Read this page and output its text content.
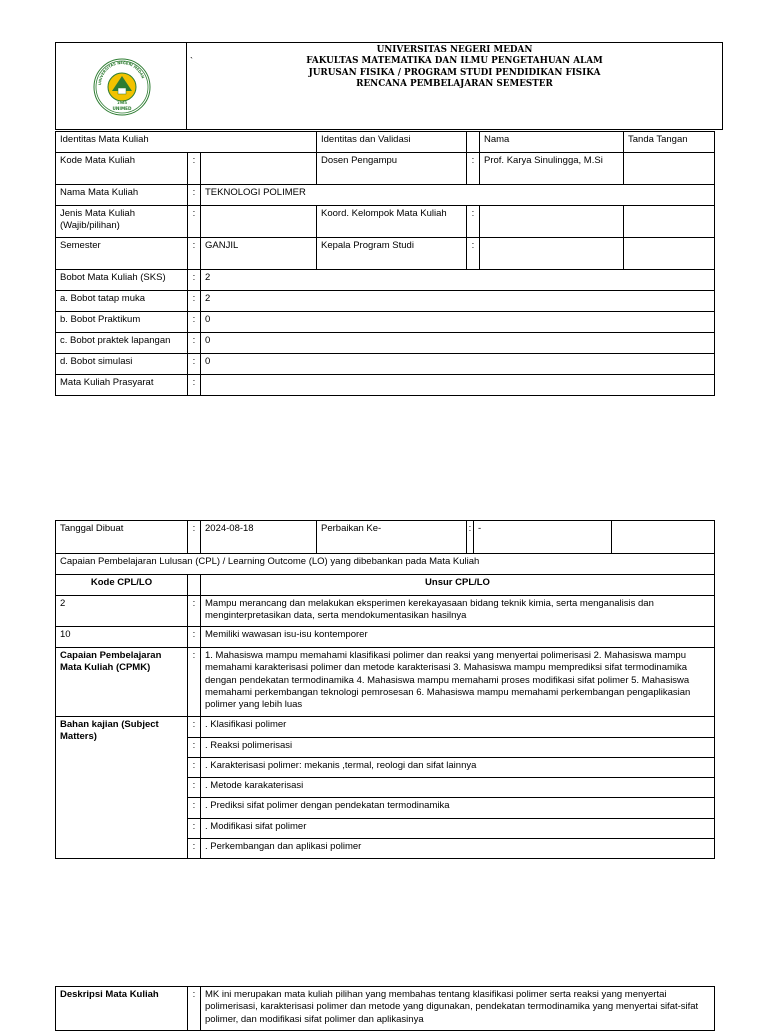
UNIVERSITAS NEGERI MEDAN
1963
UNIMED

UNIVERSITAS NEGERI MEDAN
FAKULTAS MATEMATIKA DAN ILMU PENGETAHUAN ALAM
JURUSAN FISIKA / PROGRAM STUDI PENDIDIKAN FISIKA
RENCANA PEMBELAJARAN SEMESTER
`
Identitas Mata Kuliah			Identitas dan Validasi		Nama	Tanda Tangan
Kode Mata Kuliah	:		Dosen Pengampu	:	Prof. Karya Sinulingga, M.Si	
Nama Mata Kuliah	:	TEKNOLOGI POLIMER				
Jenis Mata Kuliah (Wajib/pilihan)	:		Koord. Kelompok Mata Kuliah	:		
Semester	:	GANJIL	Kepala Program Studi	:		
Bobot Mata Kuliah (SKS)	:	2				
a. Bobot tatap muka	:	2				
b. Bobot Praktikum	:	0				
c. Bobot praktek lapangan	:	0				
d. Bobot simulasi	:	0				
Mata Kuliah Prasyarat	:					
Tanggal Dibuat	:	2024-08-18	Perbaikan Ke-	:	-	
Capaian Pembelajaran Lulusan (CPL) / Learning Outcome (LO) yang dibebankan pada Mata Kuliah						
Kode CPL/LO		Unsur CPL/LO				
2	:	Mampu merancang dan melakukan eksperimen kerekayasaan bidang teknik kimia, serta menganalisis dan menginterpretasikan data, serta mendokumentasikan hasilnya				
10	:	Memiliki wawasan isu-isu kontemporer				
Capaian Pembelajaran Mata Kuliah (CPMK)	:	1. Mahasiswa mampu memahami klasifikasi polimer dan reaksi yang menyertai polimerisasi 2. Mahasiswa mampu memahami karakterisasi polimer dan metode karakterisasi 3. Mahasiswa mampu memprediksi sifat termodinamika dengan pendekatan termodinamika 4. Mahasiswa mampu memahami proses modifikasi sifat polimer 5. Mahasiswa memahami perkembangan teknologi pemrosesan 6. Mahasiswa mampu memahami perkembangan pengaplikasian polimer yang lebih luas				
Bahan kajian (Subject Matters)	:	. Klasifikasi polimer				
	:	. Reaksi polimerisasi				
	:	. Karakterisasi polimer: mekanis ,termal, reologi dan sifat lainnya				
	:	. Metode karakaterisasi				
	:	. Prediksi sifat polimer dengan pendekatan termodinamika				
	:	. Modifikasi sifat polimer				
	:	. Perkembangan dan aplikasi polimer				
Deskripsi Mata Kuliah	:	MK ini merupakan mata kuliah pilihan yang membahas tentang klasifikasi polimer serta reaksi yang menyertai polimerisasi, karakterisasi polimer dan metode yang digunakan, pendekatan termodinamika yang menyertai sifat-sifat polimer, dan modifikasi sifat polimer dan aplikasinya
